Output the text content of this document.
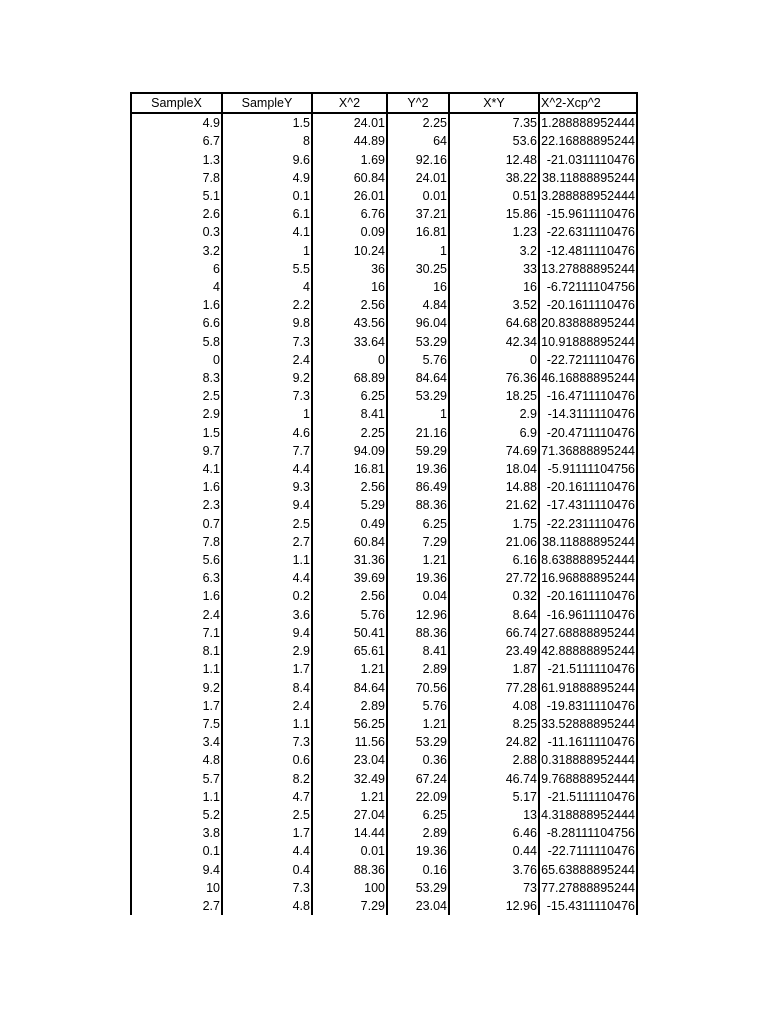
SampleX	SampleY	X^2	Y^2	X*Y	X^2-Xcp^2
4.9	1.5	24.01	2.25	7.35	1.288888952444
6.7	8	44.89	64	53.6	22.16888895244
1.3	9.6	1.69	92.16	12.48	-21.0311110476
7.8	4.9	60.84	24.01	38.22	38.11888895244
5.1	0.1	26.01	0.01	0.51	3.288888952444
2.6	6.1	6.76	37.21	15.86	-15.9611110476
0.3	4.1	0.09	16.81	1.23	-22.6311110476
3.2	1	10.24	1	3.2	-12.4811110476
6	5.5	36	30.25	33	13.27888895244
4	4	16	16	16	-6.72111104756
1.6	2.2	2.56	4.84	3.52	-20.1611110476
6.6	9.8	43.56	96.04	64.68	20.83888895244
5.8	7.3	33.64	53.29	42.34	10.91888895244
0	2.4	0	5.76	0	-22.7211110476
8.3	9.2	68.89	84.64	76.36	46.16888895244
2.5	7.3	6.25	53.29	18.25	-16.4711110476
2.9	1	8.41	1	2.9	-14.3111110476
1.5	4.6	2.25	21.16	6.9	-20.4711110476
9.7	7.7	94.09	59.29	74.69	71.36888895244
4.1	4.4	16.81	19.36	18.04	-5.91111104756
1.6	9.3	2.56	86.49	14.88	-20.1611110476
2.3	9.4	5.29	88.36	21.62	-17.4311110476
0.7	2.5	0.49	6.25	1.75	-22.2311110476
7.8	2.7	60.84	7.29	21.06	38.11888895244
5.6	1.1	31.36	1.21	6.16	8.638888952444
6.3	4.4	39.69	19.36	27.72	16.96888895244
1.6	0.2	2.56	0.04	0.32	-20.1611110476
2.4	3.6	5.76	12.96	8.64	-16.9611110476
7.1	9.4	50.41	88.36	66.74	27.68888895244
8.1	2.9	65.61	8.41	23.49	42.88888895244
1.1	1.7	1.21	2.89	1.87	-21.5111110476
9.2	8.4	84.64	70.56	77.28	61.91888895244
1.7	2.4	2.89	5.76	4.08	-19.8311110476
7.5	1.1	56.25	1.21	8.25	33.52888895244
3.4	7.3	11.56	53.29	24.82	-11.1611110476
4.8	0.6	23.04	0.36	2.88	0.318888952444
5.7	8.2	32.49	67.24	46.74	9.768888952444
1.1	4.7	1.21	22.09	5.17	-21.5111110476
5.2	2.5	27.04	6.25	13	4.318888952444
3.8	1.7	14.44	2.89	6.46	-8.28111104756
0.1	4.4	0.01	19.36	0.44	-22.7111110476
9.4	0.4	88.36	0.16	3.76	65.63888895244
10	7.3	100	53.29	73	77.27888895244
2.7	4.8	7.29	23.04	12.96	-15.4311110476
